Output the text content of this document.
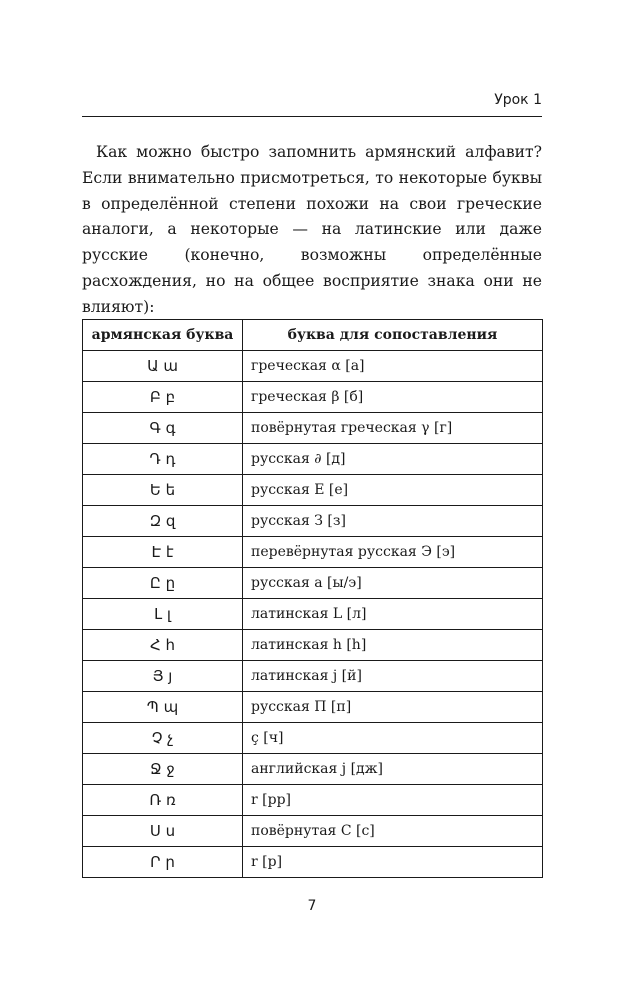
Урок 1

Как можно быстро запомнить армянский алфавит? Если внимательно присмотреться, то некоторые буквы в определённой степени похожи на свои греческие аналоги, а некоторые — на латинские или даже русские (конечно, возможны определённые расхождения, но на общее восприятие знака они не влияют):

армянская буква	буква для сопоставления
Ա ա	греческая α [а]
Բ բ	греческая β [б]
Գ գ	повёрнутая греческая γ [г]
Դ դ	русская ∂ [д]
Ե ե	русская Е [е]
Զ զ	русская З [з]
Է է	перевёрнутая русская Э [э]
Ը ը	русская а [ы/э]
Լ լ	латинская L [л]
Հ հ	латинская h [h]
Յ յ	латинская j [й]
Պ պ	русская П [п]
Չ չ	ç [ч]
Ջ ջ	английская j [дж]
Ռ ռ	r [рр]
Ս ս	повёрнутая С [с]
Ր ր	r [р]
7
